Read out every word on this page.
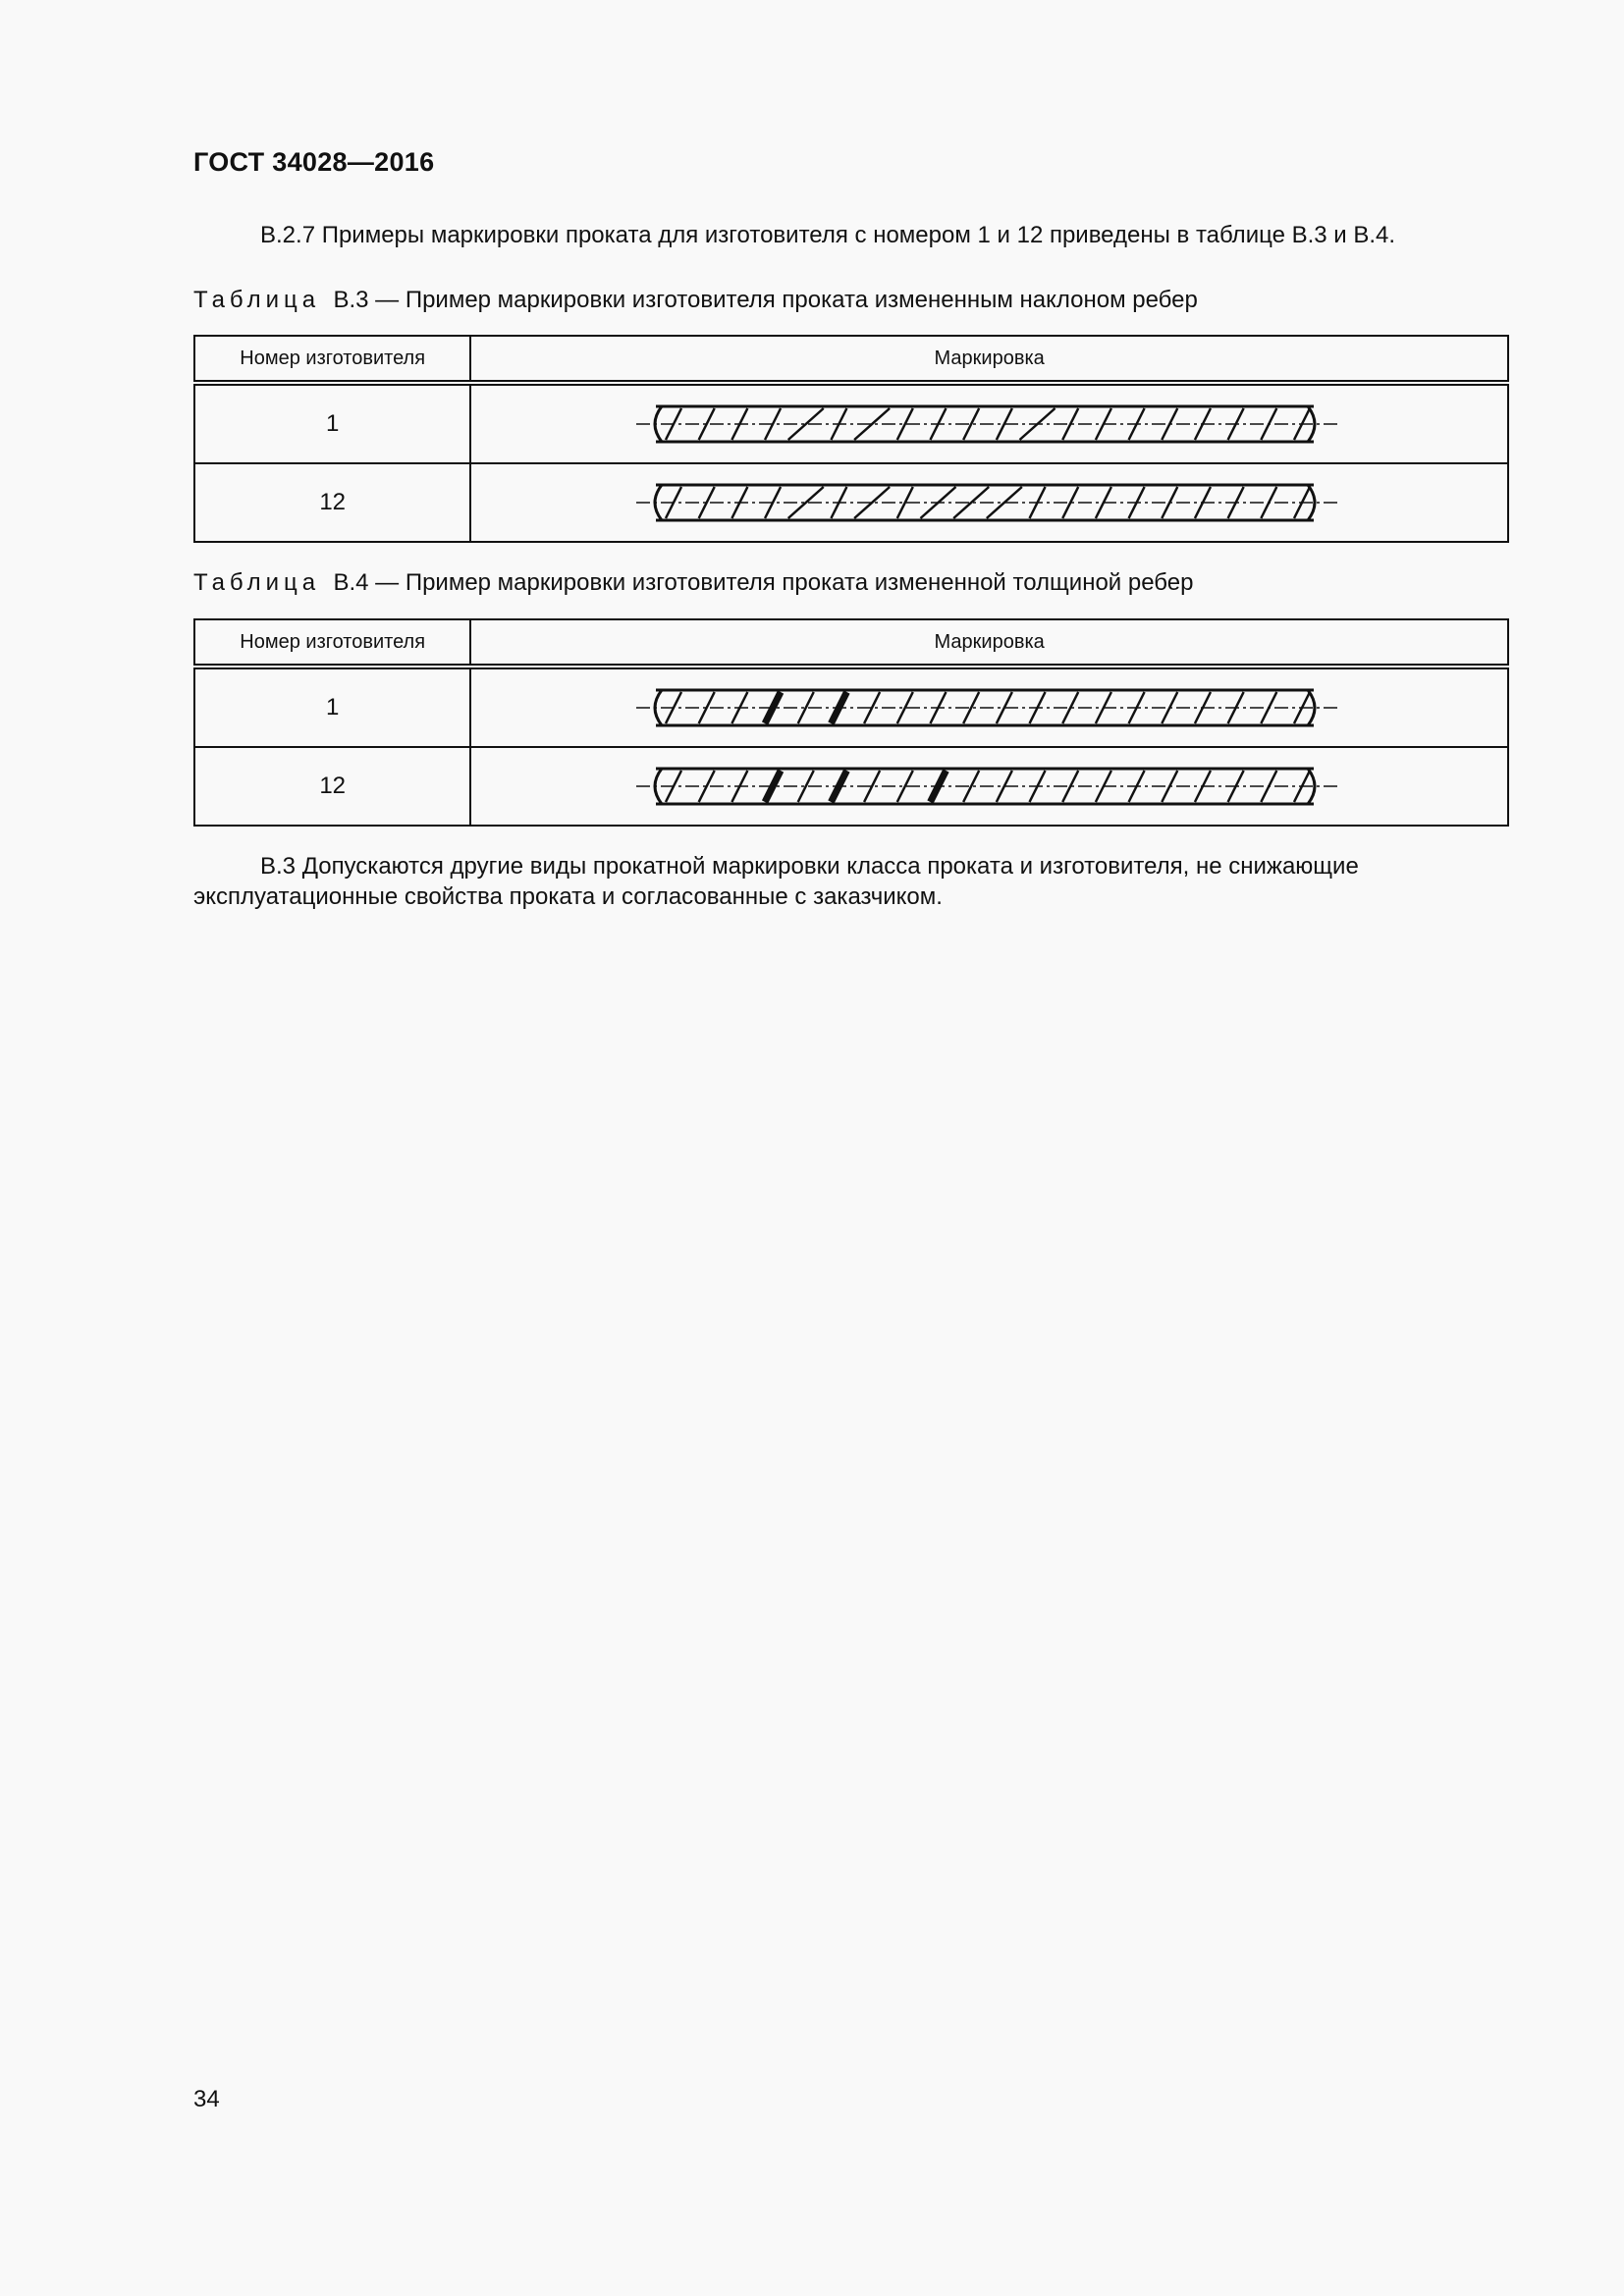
ГОСТ 34028—2016
В.2.7 Примеры маркировки проката для изготовителя с номером 1 и 12 приведены в таблице В.3 и В.4.
Таблица В.3 — Пример маркировки изготовителя проката измененным наклоном ребер
Номер изготовителя	Маркировка
1	

12	
Таблица В.4 — Пример маркировки изготовителя проката измененной толщиной ребер
Номер изготовителя	Маркировка
1	

12	
В.3 Допускаются другие виды прокатной маркировки класса проката и изготовителя, не снижающие эксплуатационные свойства проката и согласованные с заказчиком.
34
